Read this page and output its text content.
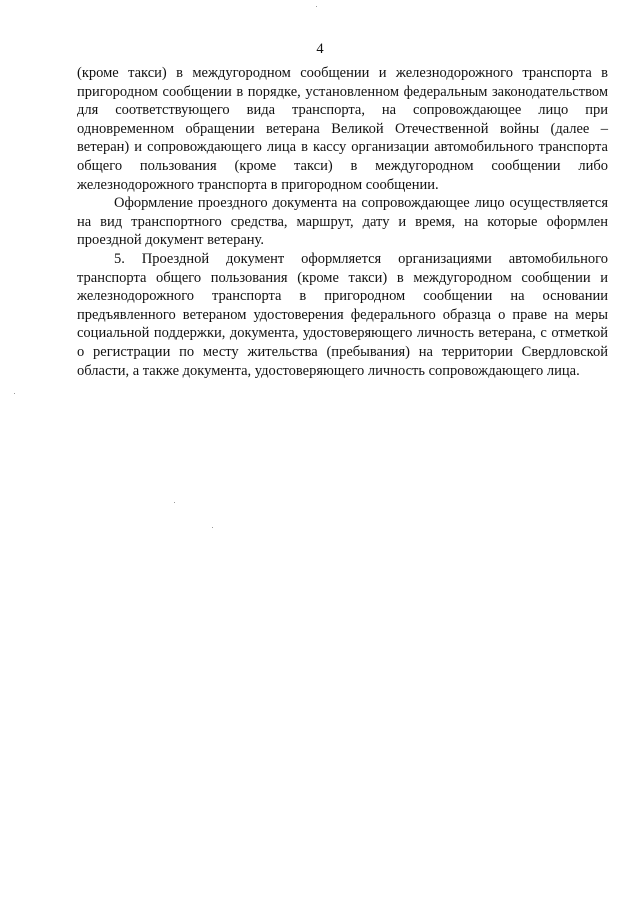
4

(кроме такси) в междугородном сообщении и железнодорожного транспорта в пригородном сообщении в порядке, установленном федеральным законодательством для соответствующего вида транспорта, на сопровождающее лицо при одновременном обращении ветерана Великой Отечественной войны (далее – ветеран) и сопровождающего лица в кассу организации автомобильного транспорта общего пользования (кроме такси) в междугородном сообщении либо железнодорожного транспорта в пригородном сообщении.

Оформление проездного документа на сопровождающее лицо осуществляется на вид транспортного средства, маршрут, дату и время, на которые оформлен проездной документ ветерану.

5. Проездной документ оформляется организациями автомобильного транспорта общего пользования (кроме такси) в междугородном сообщении и железнодорожного транспорта в пригородном сообщении на основании предъявленного ветераном удостоверения федерального образца о праве на меры социальной поддержки, документа, удостоверяющего личность ветерана, с отметкой о регистрации по месту жительства (пребывания) на территории Свердловской области, а также документа, удостоверяющего личность сопровождающего лица.
